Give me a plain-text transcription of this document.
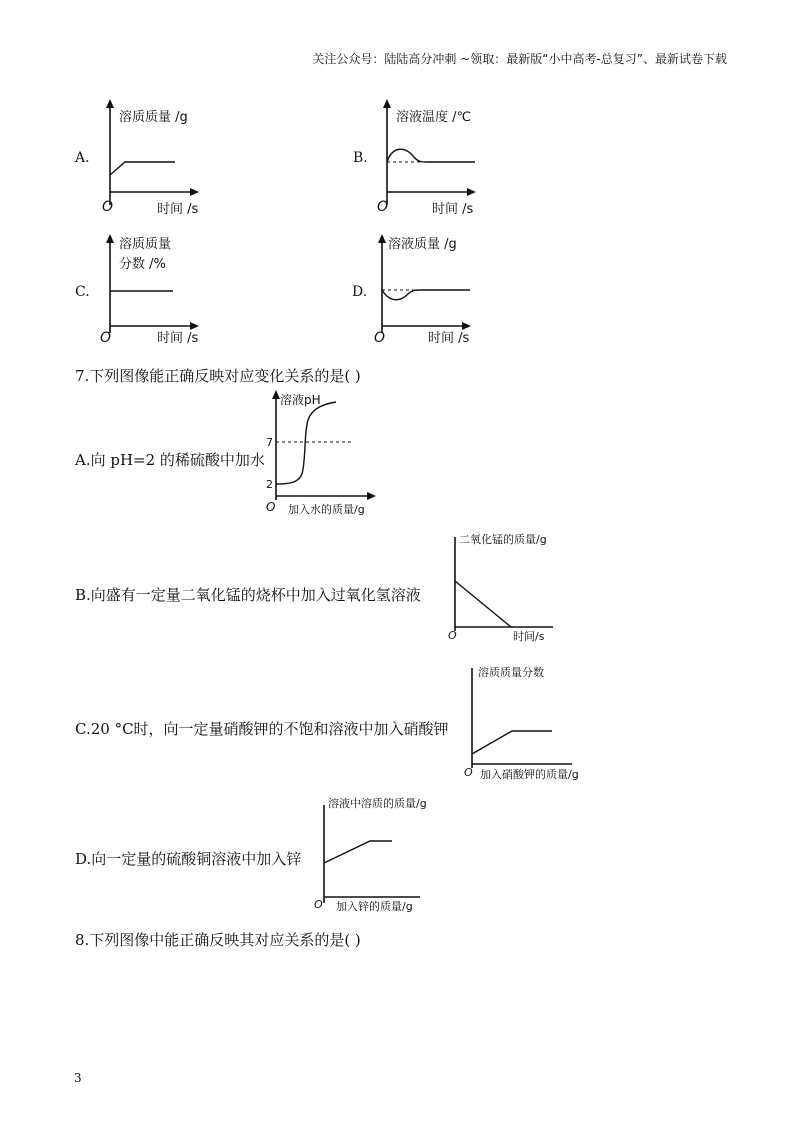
关注公众号：陆陆高分冲刺 ~领取：最新版“小中高考-总复习”、最新试卷下载
A.
溶质质量 /g
O	时间 /s
B.
溶液温度 /℃
O	时间 /s
C.
溶质质量
分数 /%
O	时间 /s
D.
溶液质量 /g
O	时间 /s
7.下列图像能正确反映对应变化关系的是( )
A.向 pH=2 的稀硫酸中加水
溶液pH
7
2
O 加入水的质量/g
B.向盛有一定量二氧化锰的烧杯中加入过氧化氢溶液
二氧化锰的质量/g
O	时间/s
C.20 °C时，向一定量硝酸钾的不饱和溶液中加入硝酸钾
溶质质量分数
O 加入硝酸钾的质量/g
D.向一定量的硫酸铜溶液中加入锌
溶液中溶质的质量/g
O 加入锌的质量/g
8.下列图像中能正确反映其对应关系的是( )
3
